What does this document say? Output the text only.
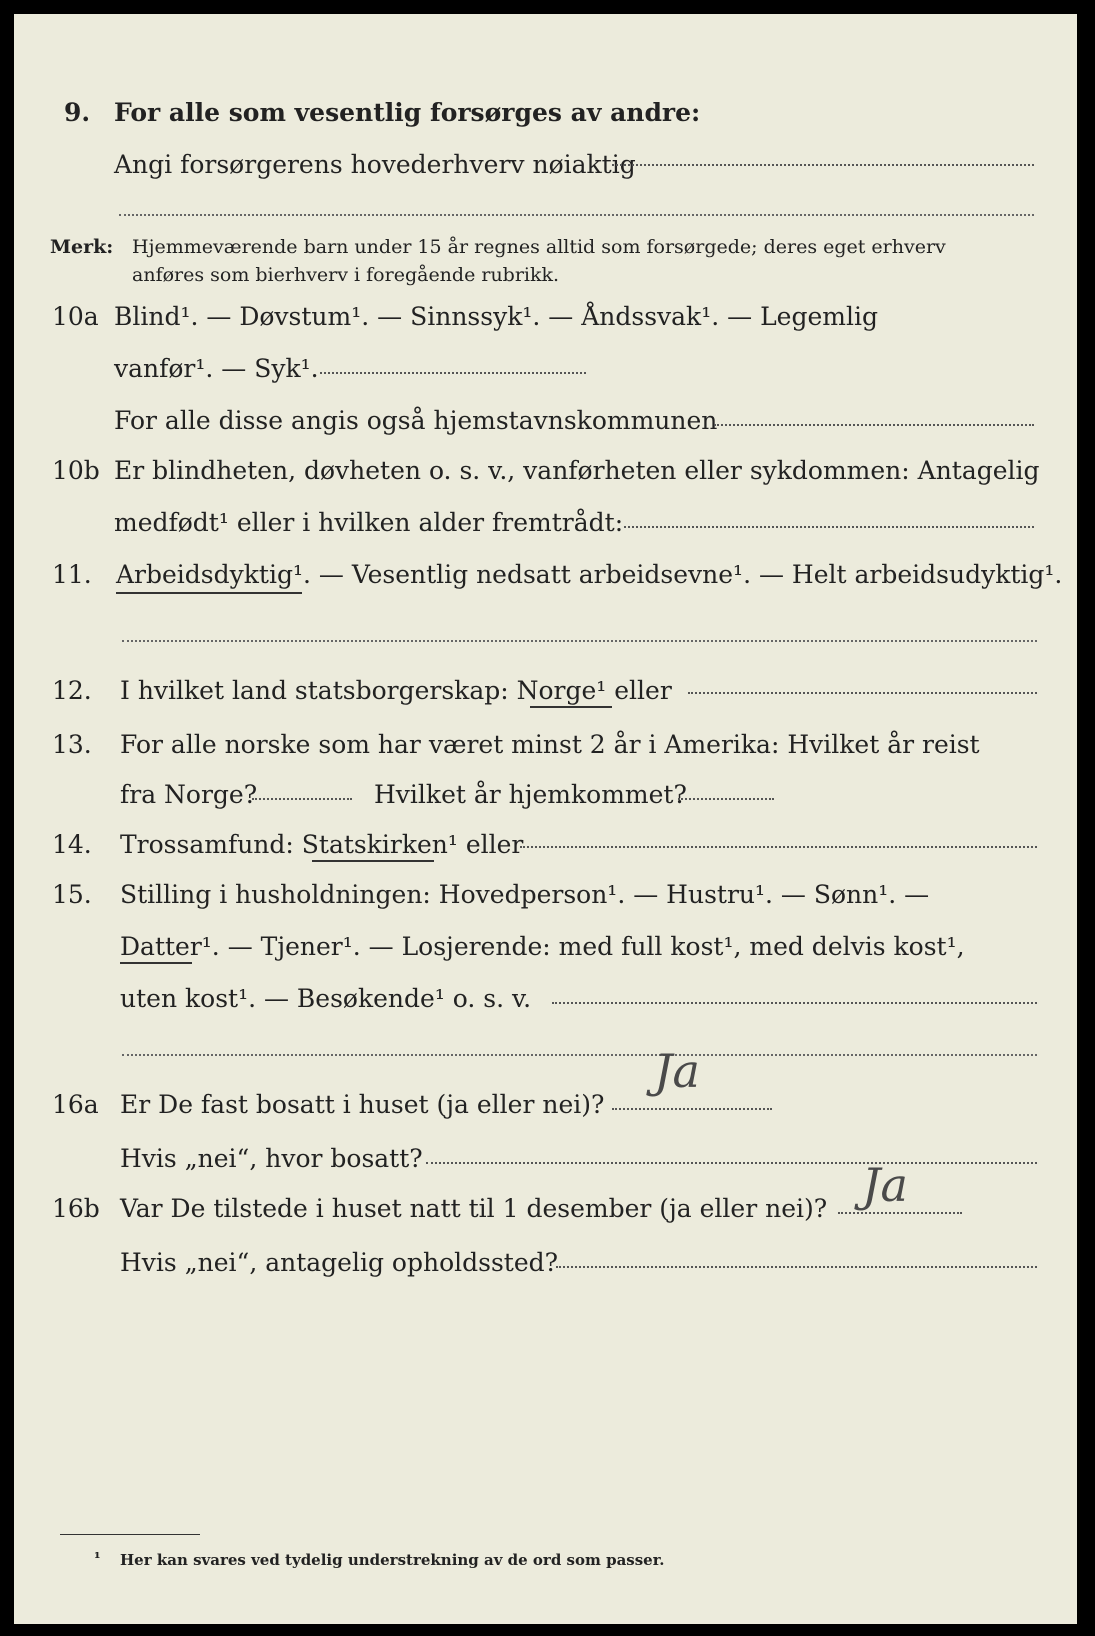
9. For alle som vesentlig forsørges av andre:
Angi forsørgerens hovederhverv nøiaktig
Merk: Hjemmeværende barn under 15 år regnes alltid som forsørgede; deres eget erhverv
anføres som bierhverv i foregående rubrikk.
10a Blind¹. — Døvstum¹. — Sinnssyk¹. — Åndssvak¹. — Legemlig
vanfør¹. — Syk¹.
For alle disse angis også hjemstavnskommunen
10b Er blindheten, døvheten o. s. v., vanførheten eller sykdommen: Antagelig
medfødt¹ eller i hvilken alder fremtrådt:
11. Arbeidsdyktig¹. — Vesentlig nedsatt arbeidsevne¹. — Helt arbeidsudyktig¹.
12. I hvilket land statsborgerskap: Norge¹ eller
13. For alle norske som har været minst 2 år i Amerika: Hvilket år reist
fra Norge?	Hvilket år hjemkommet?
14. Trossamfund: Statskirken¹ eller
15. Stilling i husholdningen: Hovedperson¹. — Hustru¹. — Sønn¹. —
Datter¹. — Tjener¹. — Losjerende: med full kost¹, med delvis kost¹,
uten kost¹. — Besøkende¹ o. s. v.
16a Er De fast bosatt i huset (ja eller nei)?
Ja
Hvis „nei“, hvor bosatt?
16b Var De tilstede i huset natt til 1 desember (ja eller nei)? Ja
Hvis „nei“, antagelig opholdssted?
¹ Her kan svares ved tydelig understrekning av de ord som passer.
